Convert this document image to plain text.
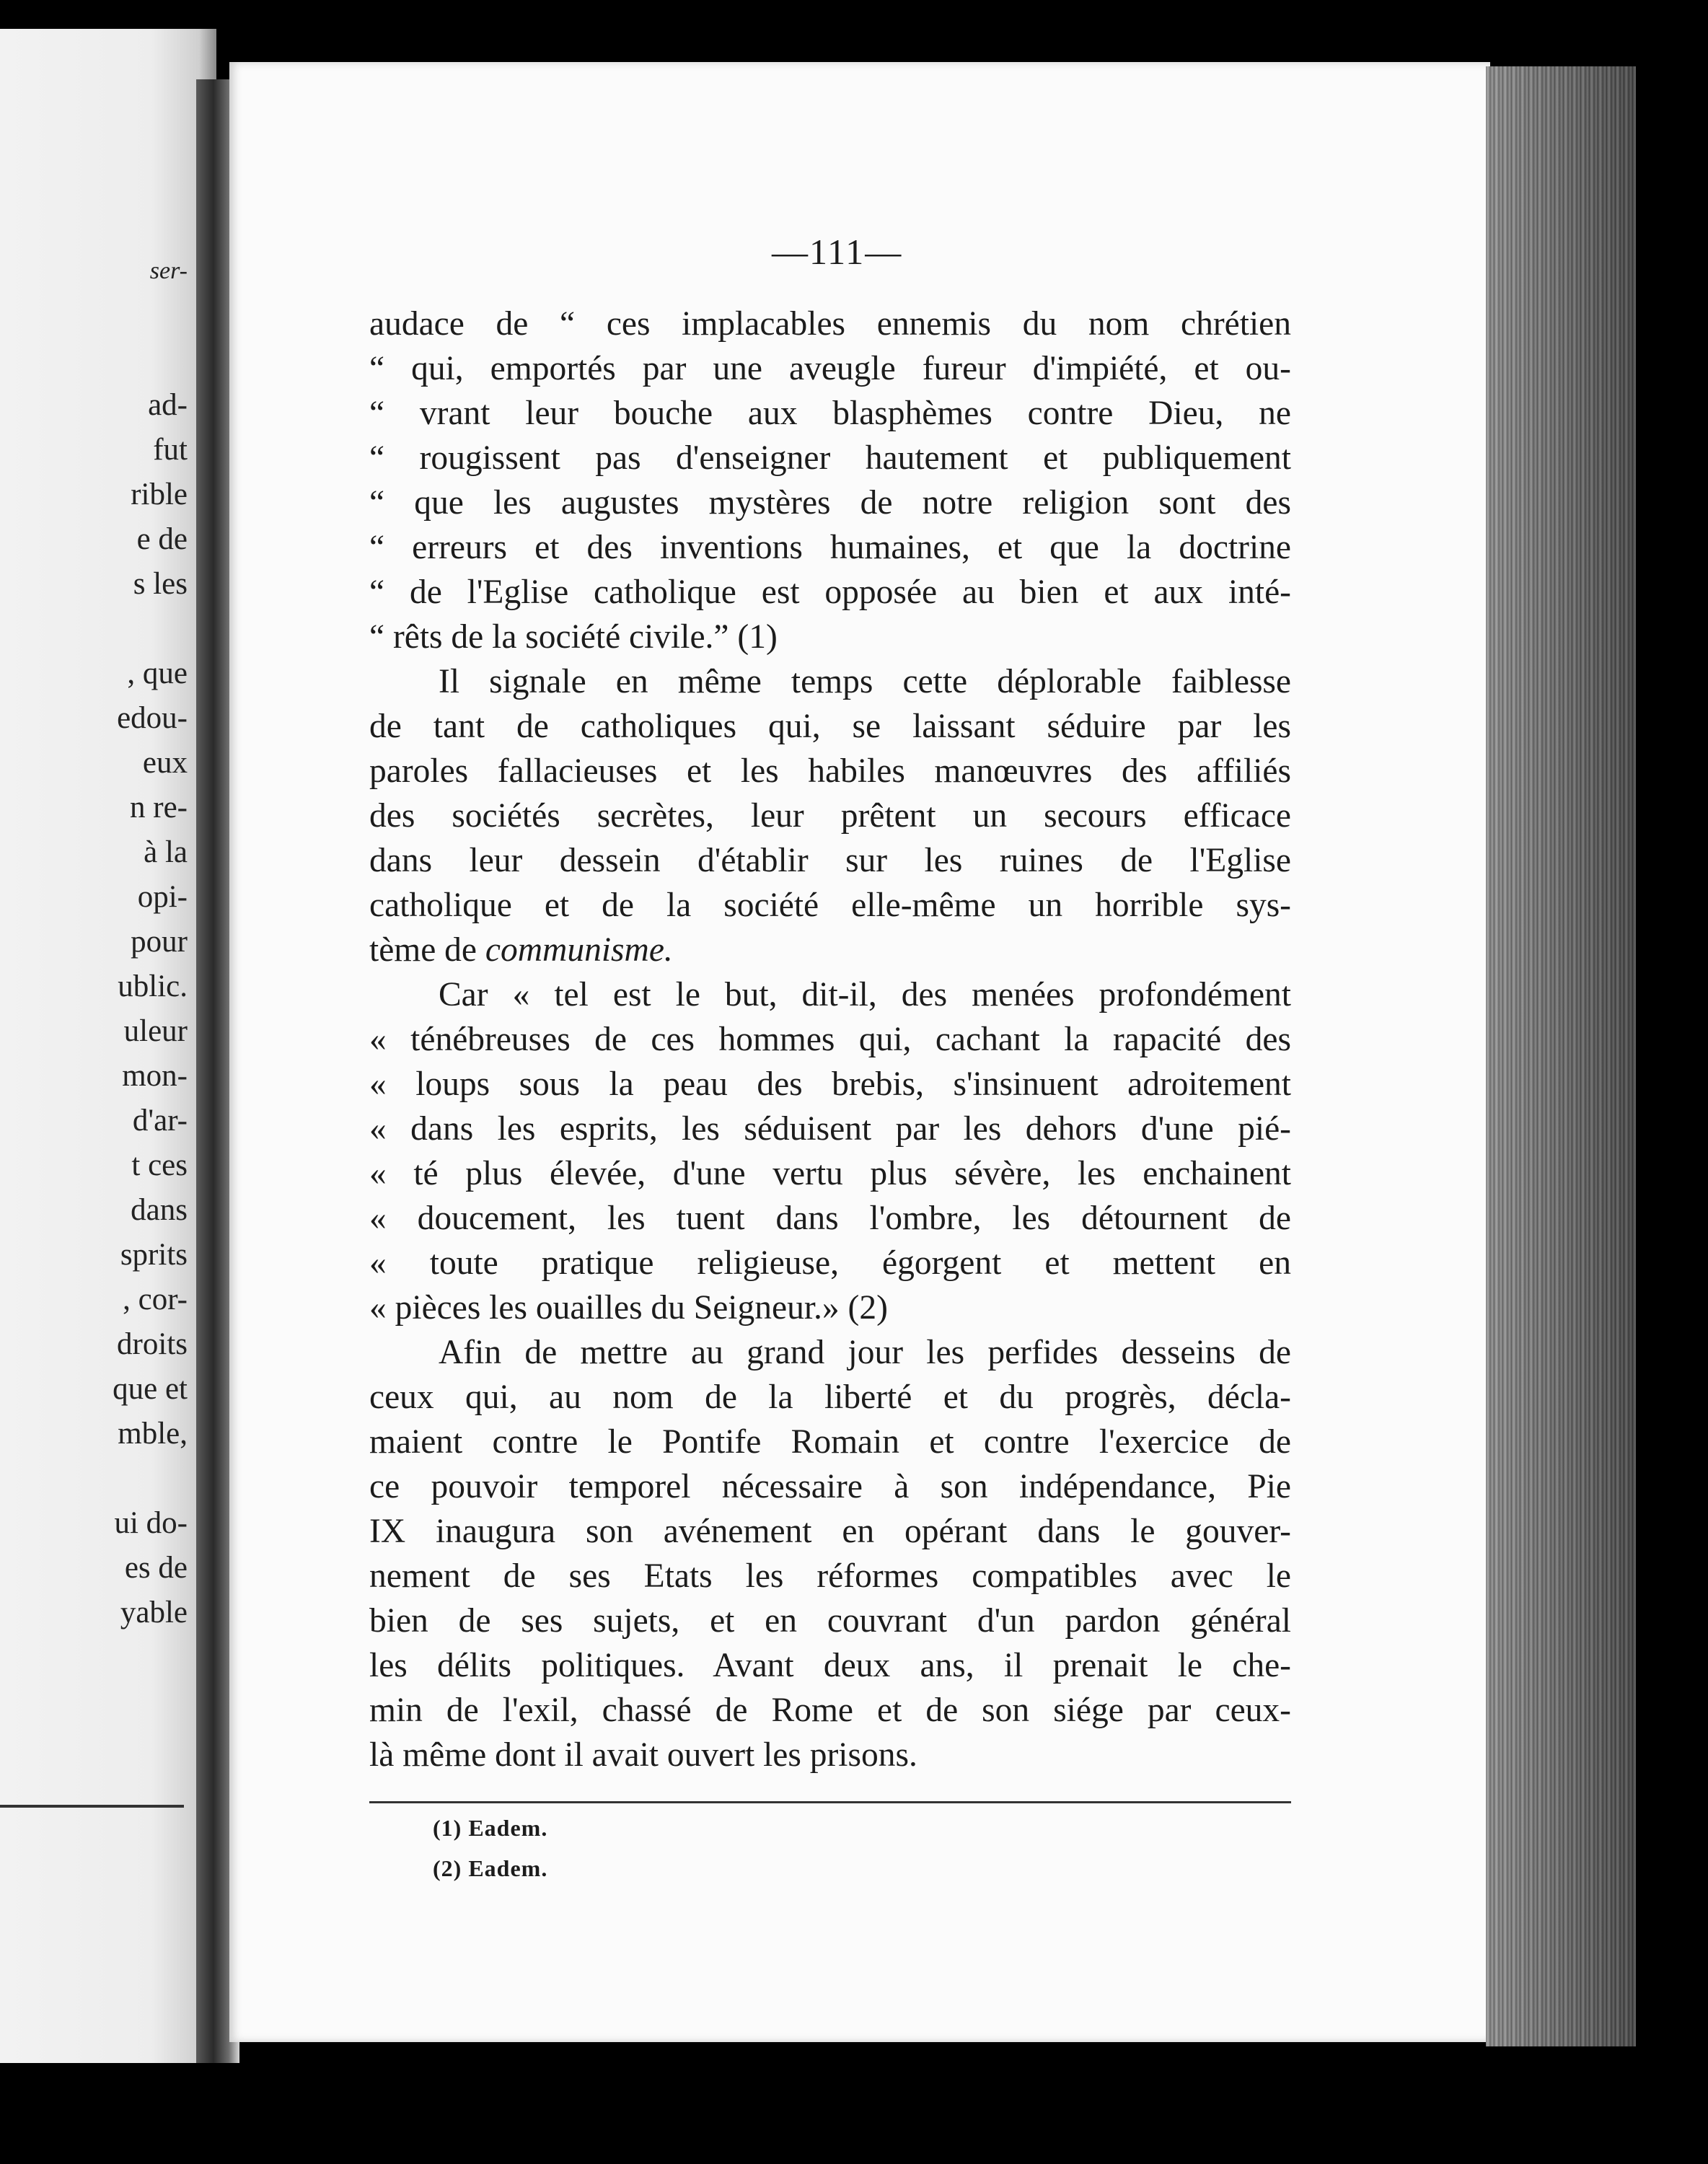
ser-
ad-
fut
rible
e de
s les
, que
edou-
eux
n re-
à la
opi-
pour
ublic.
uleur
mon-
d'ar-
t ces
dans
sprits
, cor-
droits
que et
mble,
ui do-
es de
yable
—111—
audace de “ ces implacables ennemis du nom chrétien
“ qui, emportés par une aveugle fureur d'impiété, et ou-
“ vrant leur bouche aux blasphèmes contre Dieu, ne
“ rougissent pas d'enseigner hautement et publiquement
“ que les augustes mystères de notre religion sont des
“ erreurs et des inventions humaines, et que la doctrine
“ de l'Eglise catholique est opposée au bien et aux inté-
“ rêts de la société civile.” (1)
Il signale en même temps cette déplorable faiblesse
de tant de catholiques qui, se laissant séduire par les
paroles fallacieuses et les habiles manœuvres des affiliés
des sociétés secrètes, leur prêtent un secours efficace
dans leur dessein d'établir sur les ruines de l'Eglise
catholique et de la société elle-même un horrible sys-
tème de communisme.
Car « tel est le but, dit-il, des menées profondément
« ténébreuses de ces hommes qui, cachant la rapacité des
« loups sous la peau des brebis, s'insinuent adroitement
« dans les esprits, les séduisent par les dehors d'une pié-
« té plus élevée, d'une vertu plus sévère, les enchainent
« doucement, les tuent dans l'ombre, les détournent de
« toute pratique religieuse, égorgent et mettent en
« pièces les ouailles du Seigneur.» (2)
Afin de mettre au grand jour les perfides desseins de
ceux qui, au nom de la liberté et du progrès, décla-
maient contre le Pontife Romain et contre l'exercice de
ce pouvoir temporel nécessaire à son indépendance, Pie
IX inaugura son avénement en opérant dans le gouver-
nement de ses Etats les réformes compatibles avec le
bien de ses sujets, et en couvrant d'un pardon général
les délits politiques. Avant deux ans, il prenait le che-
min de l'exil, chassé de Rome et de son siége par ceux-
là même dont il avait ouvert les prisons.
(1) Eadem.
(2) Eadem.
